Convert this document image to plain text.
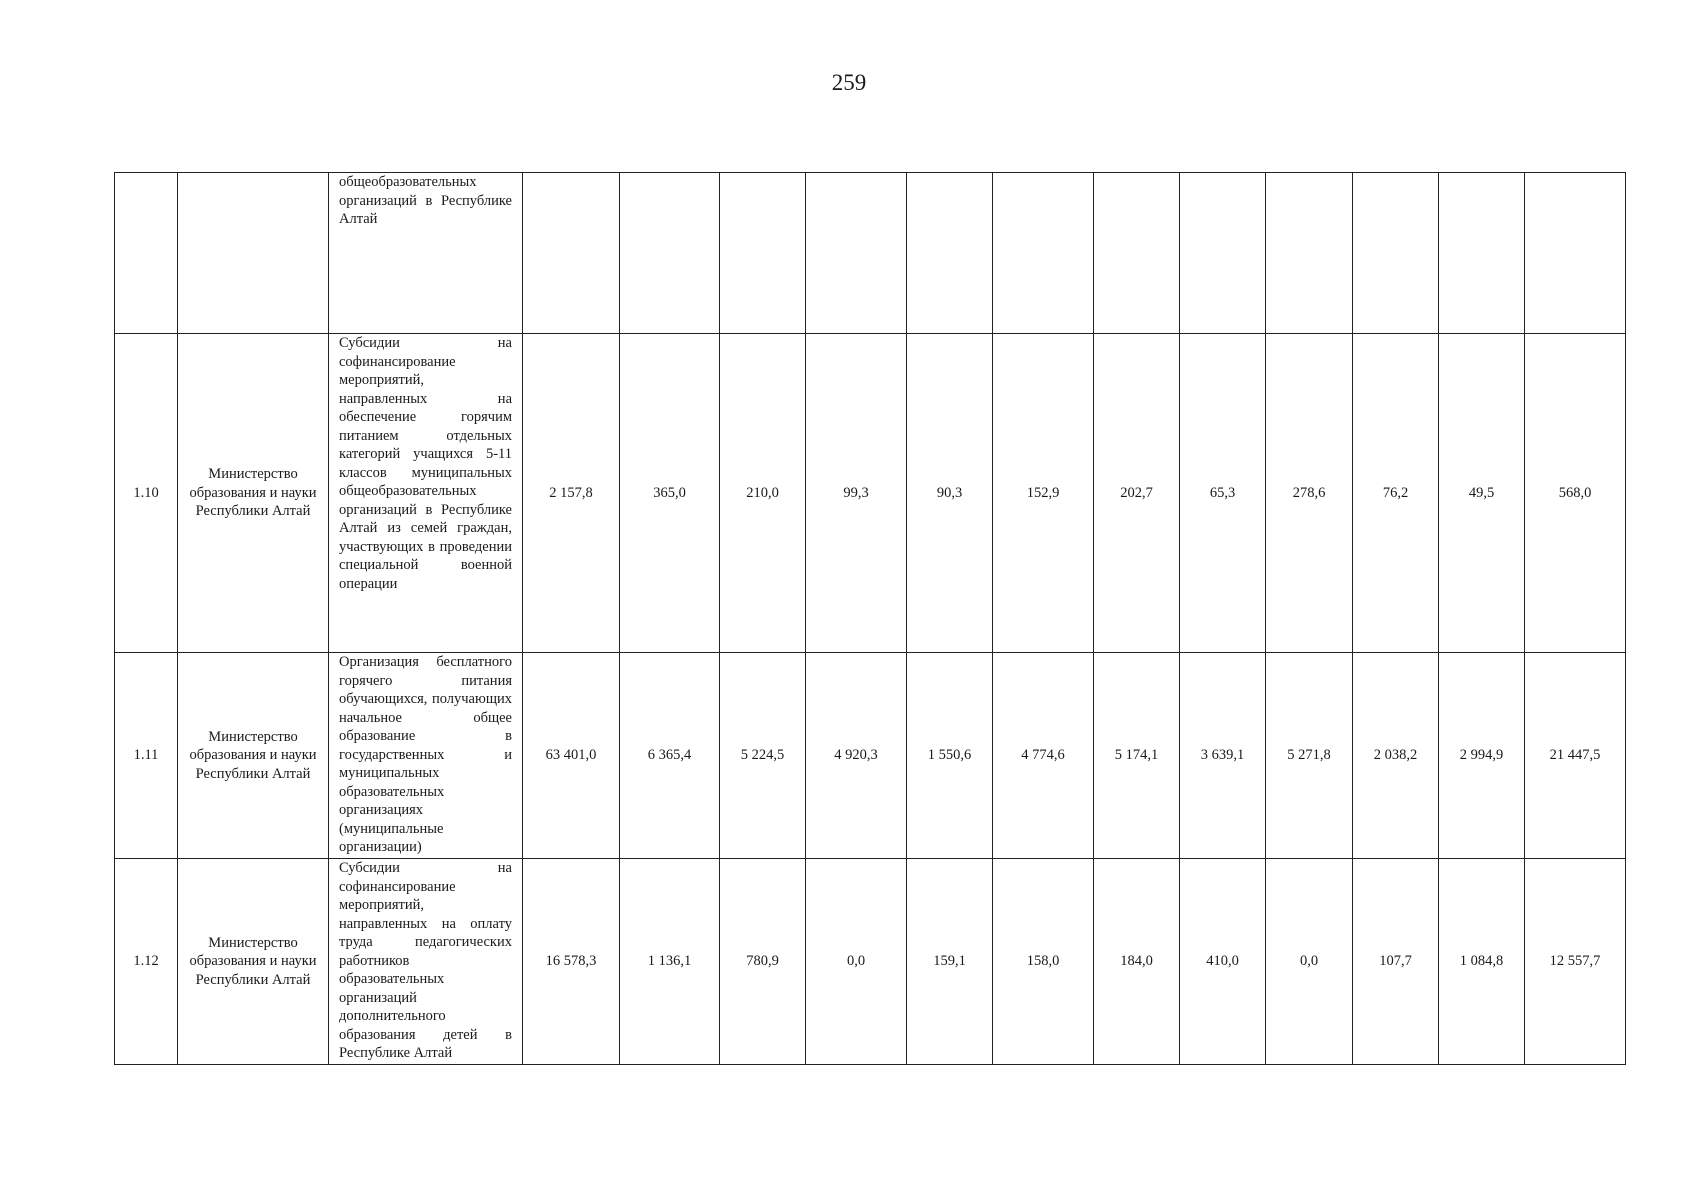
259
		общеобразовательных организаций в Республике Алтай												
1.10	Министерство образования и науки Республики Алтай	Субсидии на софинансирование мероприятий, направленных на обеспечение горячим питанием отдельных категорий учащихся 5-11 классов муниципальных общеобразовательных организаций в Республике Алтай из семей граждан, участвующих в проведении специальной военной операции	2 157,8	365,0	210,0	99,3	90,3	152,9	202,7	65,3	278,6	76,2	49,5	568,0
1.11	Министерство образования и науки Республики Алтай	Организация бесплатного горячего питания обучающихся, получающих начальное общее образование в государственных и муниципальных образовательных организациях (муниципальные организации)	63 401,0	6 365,4	5 224,5	4 920,3	1 550,6	4 774,6	5 174,1	3 639,1	5 271,8	2 038,2	2 994,9	21 447,5
1.12	Министерство образования и науки Республики Алтай	Субсидии на софинансирование мероприятий, направленных на оплату труда педагогических работников образовательных организаций дополнительного образования детей в Республике Алтай	16 578,3	1 136,1	780,9	0,0	159,1	158,0	184,0	410,0	0,0	107,7	1 084,8	12 557,7
